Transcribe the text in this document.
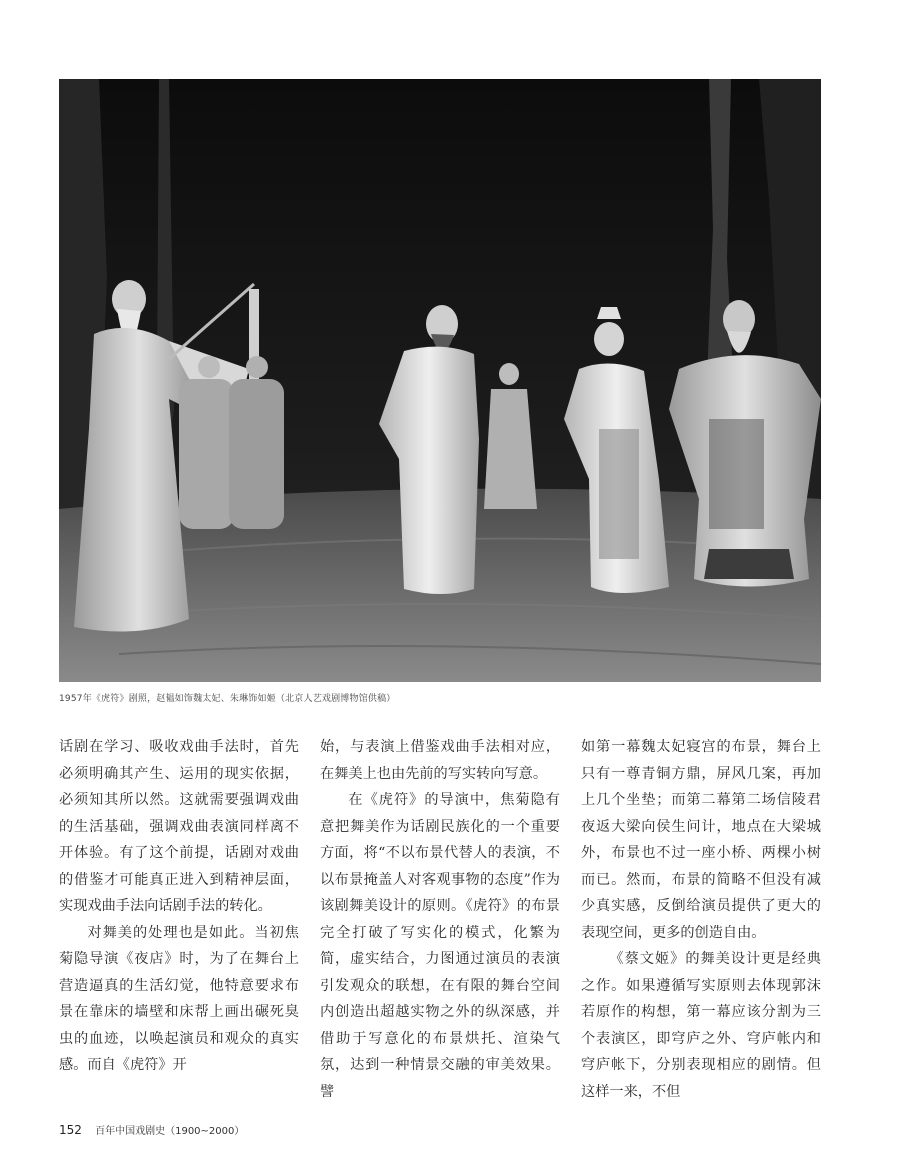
1957年《虎符》剧照，赵韫如饰魏太妃、朱琳饰如姬（北京人艺戏剧博物馆供稿）

话剧在学习、吸收戏曲手法时，首先必须明确其产生、运用的现实依据，必须知其所以然。这就需要强调戏曲的生活基础，强调戏曲表演同样离不开体验。有了这个前提，话剧对戏曲的借鉴才可能真正进入到精神层面，实现戏曲手法向话剧手法的转化。

对舞美的处理也是如此。当初焦菊隐导演《夜店》时，为了在舞台上营造逼真的生活幻觉，他特意要求布景在靠床的墙壁和床帮上画出碾死臭虫的血迹，以唤起演员和观众的真实感。而自《虎符》开

始，与表演上借鉴戏曲手法相对应，在舞美上也由先前的写实转向写意。

在《虎符》的导演中，焦菊隐有意把舞美作为话剧民族化的一个重要方面，将“不以布景代替人的表演，不以布景掩盖人对客观事物的态度”作为该剧舞美设计的原则。《虎符》的布景完全打破了写实化的模式，化繁为简，虚实结合，力图通过演员的表演引发观众的联想，在有限的舞台空间内创造出超越实物之外的纵深感，并借助于写意化的布景烘托、渲染气氛，达到一种情景交融的审美效果。譬

如第一幕魏太妃寝宫的布景，舞台上只有一尊青铜方鼎，屏风几案，再加上几个坐垫；而第二幕第二场信陵君夜返大梁向侯生问计，地点在大梁城外，布景也不过一座小桥、两棵小树而已。然而，布景的简略不但没有减少真实感，反倒给演员提供了更大的表现空间，更多的创造自由。

《蔡文姬》的舞美设计更是经典之作。如果遵循写实原则去体现郭沫若原作的构想，第一幕应该分割为三个表演区，即穹庐之外、穹庐帐内和穹庐帐下，分别表现相应的剧情。但这样一来，不但

152 百年中国戏剧史（1900~2000）
